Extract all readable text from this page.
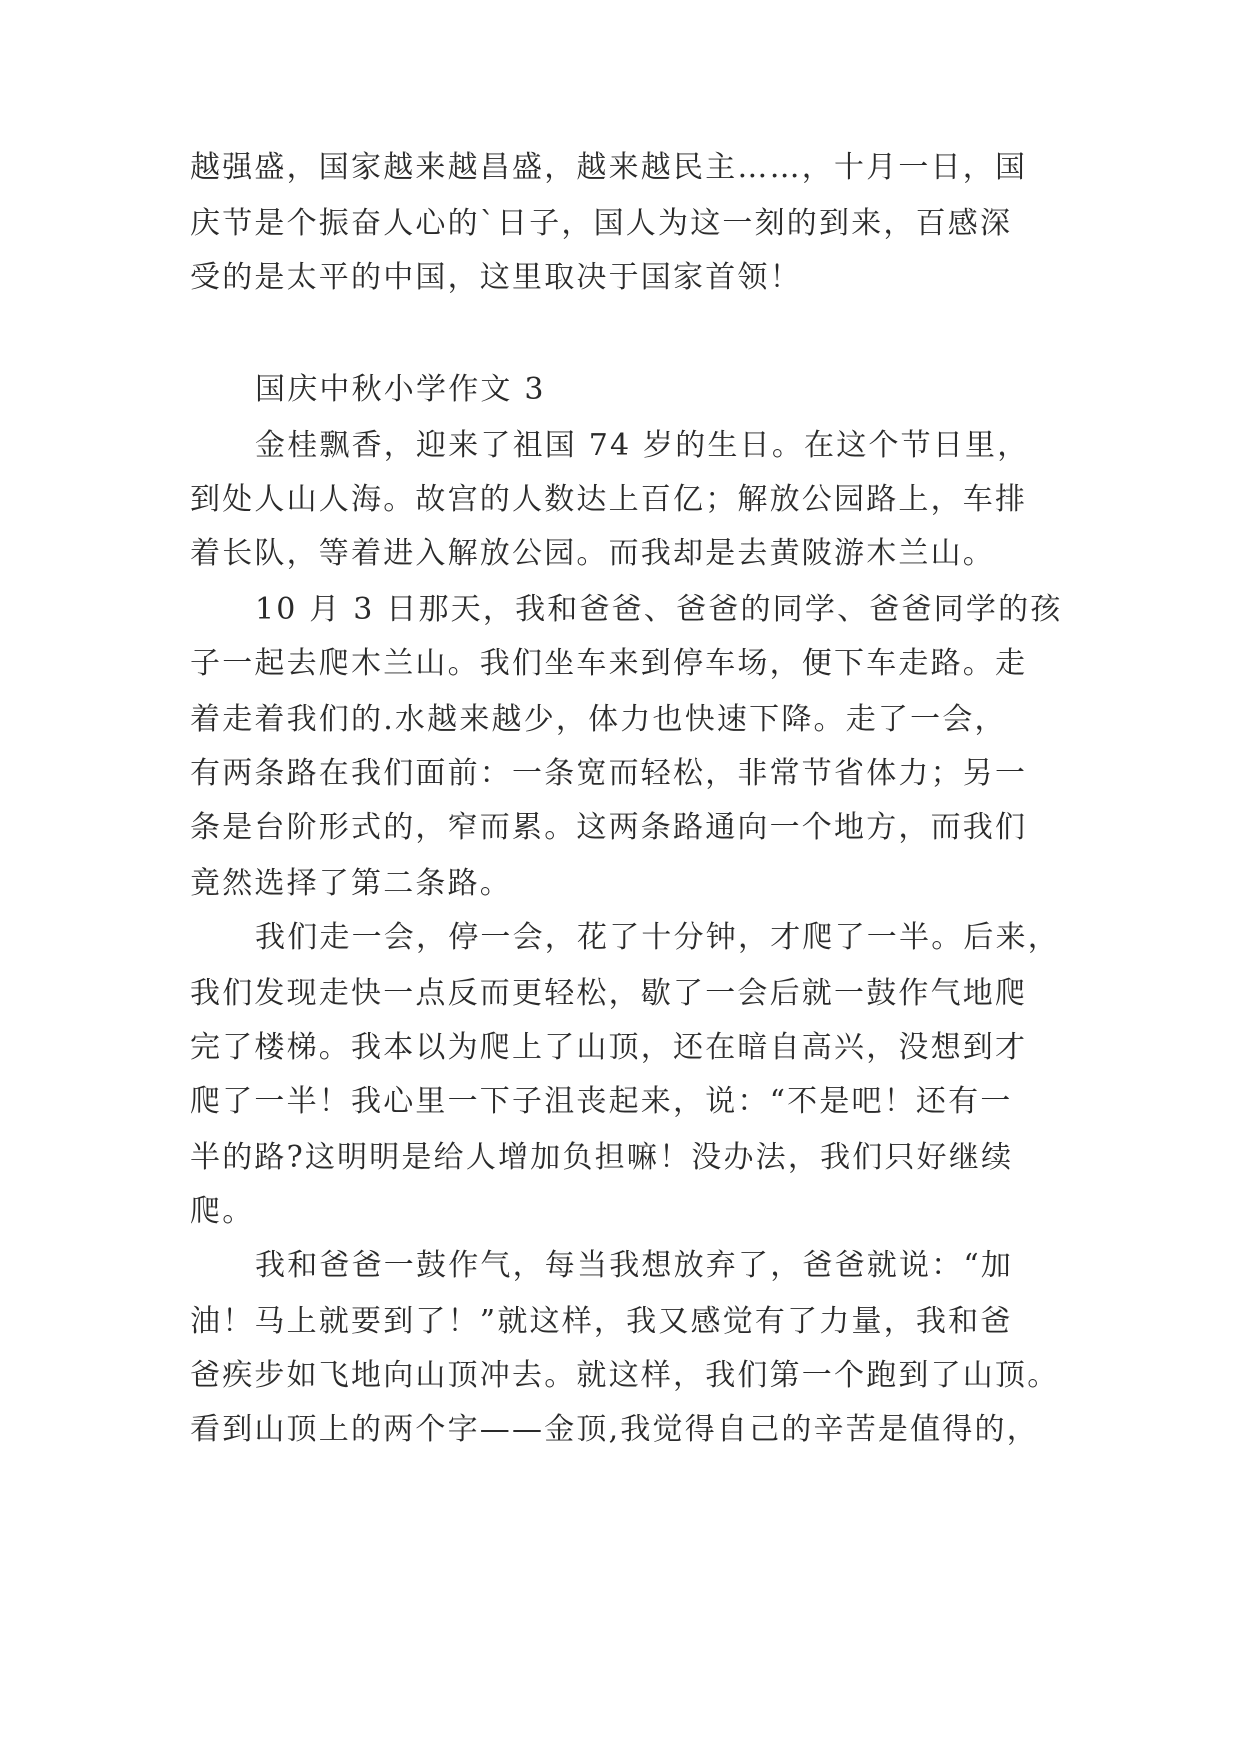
越强盛，国家越来越昌盛，越来越民主……，十月一日，国
庆节是个振奋人心的`日子，国人为这一刻的到来，百感深
受的是太平的中国，这里取决于国家首领！
国庆中秋小学作文 3
金桂飘香，迎来了祖国 74 岁的生日。在这个节日里，
到处人山人海。故宫的人数达上百亿；解放公园路上，车排
着长队，等着进入解放公园。而我却是去黄陂游木兰山。
10 月 3 日那天，我和爸爸、爸爸的同学、爸爸同学的孩
子一起去爬木兰山。我们坐车来到停车场，便下车走路。走
着走着我们的.水越来越少，体力也快速下降。走了一会，
有两条路在我们面前：一条宽而轻松，非常节省体力；另一
条是台阶形式的，窄而累。这两条路通向一个地方，而我们
竟然选择了第二条路。
我们走一会，停一会，花了十分钟，才爬了一半。后来，
我们发现走快一点反而更轻松，歇了一会后就一鼓作气地爬
完了楼梯。我本以为爬上了山顶，还在暗自高兴，没想到才
爬了一半！我心里一下子沮丧起来，说：“不是吧！还有一
半的路?这明明是给人增加负担嘛！没办法，我们只好继续
爬。
我和爸爸一鼓作气，每当我想放弃了，爸爸就说：“加
油！马上就要到了！”就这样，我又感觉有了力量，我和爸
爸疾步如飞地向山顶冲去。就这样，我们第一个跑到了山顶。
看到山顶上的两个字——金顶,我觉得自己的辛苦是值得的，
